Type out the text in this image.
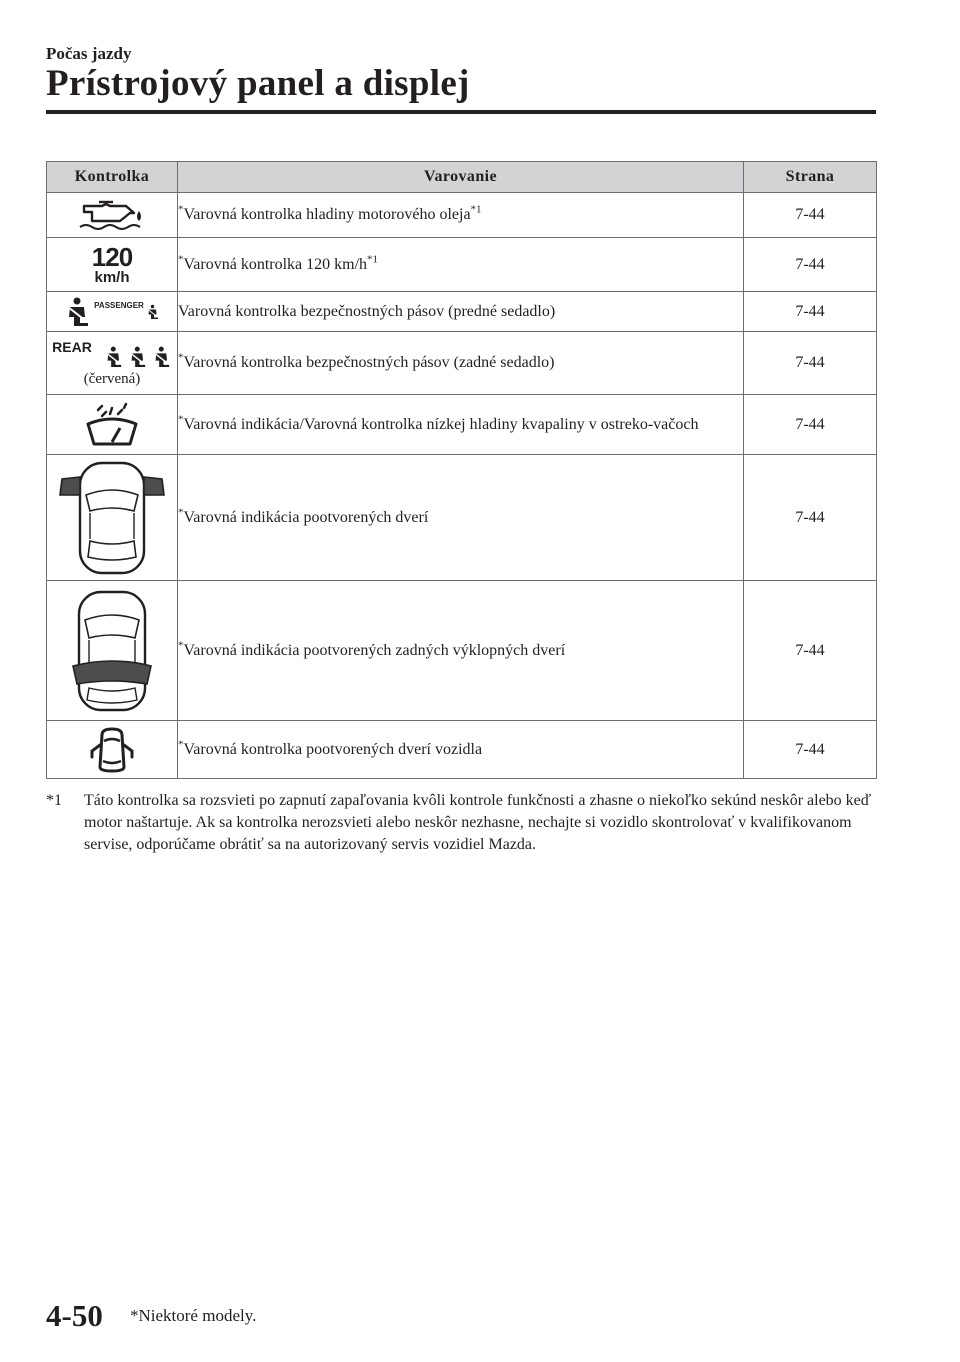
Počas jazdy
Prístrojový panel a displej
Kontrolka	Varovanie	Strana

	*Varovná kontrolka hladiny motorového oleja$^{*1}$	7-44

120
km/h	*Varovná kontrolka 120 $km/h^{*1}$	7-44

PASSENGER	Varovná kontrolka bezpečnostných pásov (predné sedadlo)	7-44

REAR
(červená)	*Varovná kontrolka bezpečnostných pásov (zadné sedadlo)	7-44

	*Varovná indikácia/Varovná kontrolka nízkej hladiny kvapaliny v ostreko-vačoch	7-44

	*Varovná indikácia pootvorených dverí	7-44

	*Varovná indikácia pootvorených zadných výklopných dverí	7-44

	*Varovná kontrolka pootvorených dverí vozidla	7-44
*1 Táto kontrolka sa rozsvieti po zapnutí zapaľovania kvôli kontrole funkčnosti a zhasne o niekoľko sekúnd neskôr alebo keď motor naštartuje. Ak sa kontrolka nerozsvieti alebo neskôr nezhasne, nechajte si vozidlo skontrolovať v kvalifikovanom servise, odporúčame obrátiť sa na autorizovaný servis vozidiel Mazda.
4-50 *Niektoré modely.
